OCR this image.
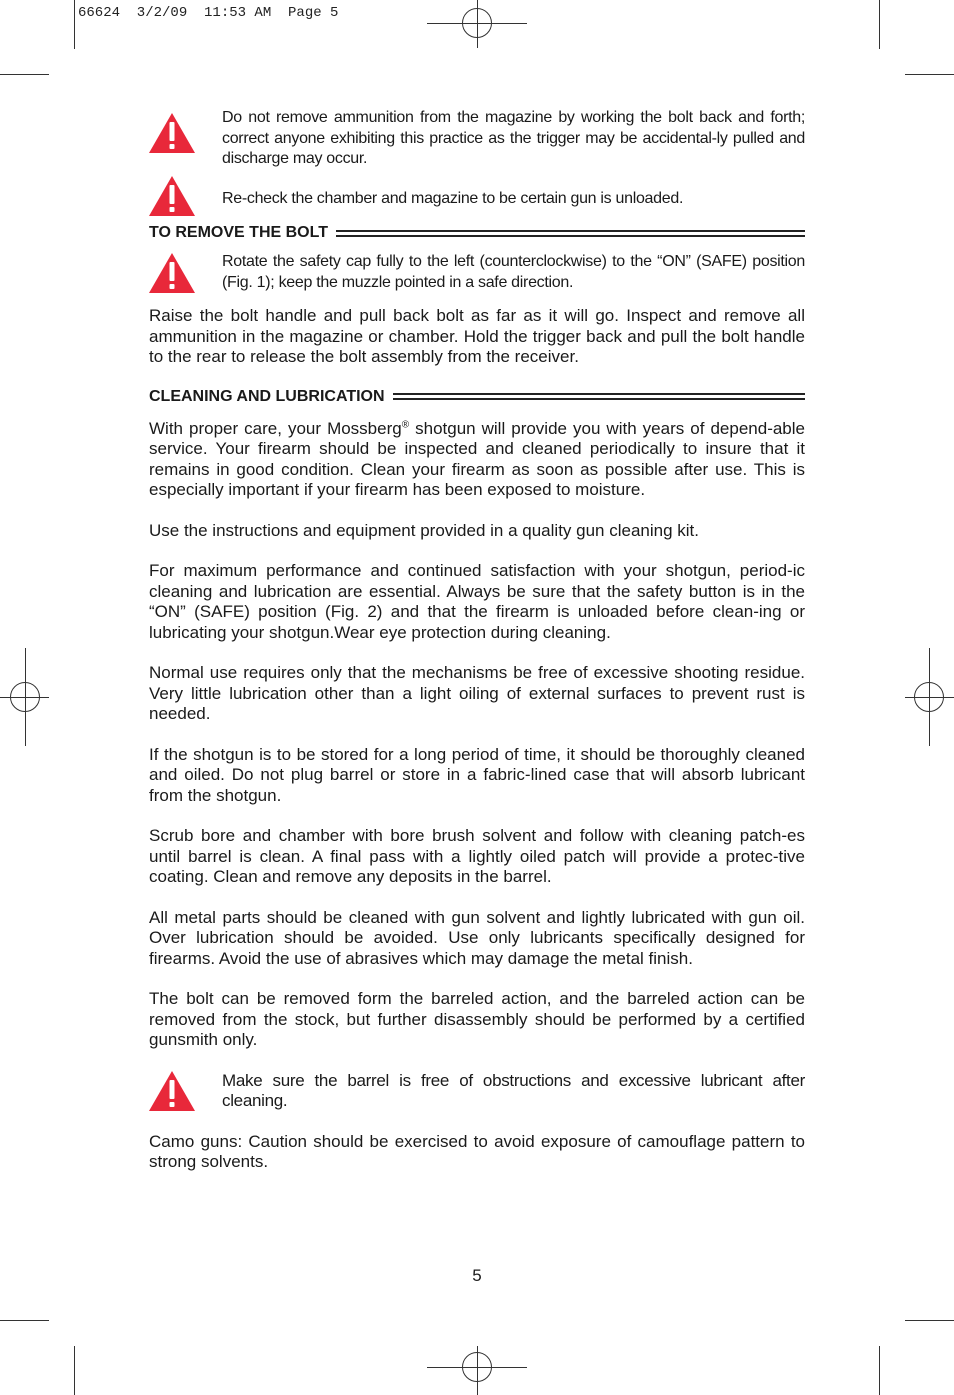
66624  3/2/09  11:53 AM  Page 5
Do not remove ammunition from the magazine by working the bolt back and forth; correct anyone exhibiting this practice as the trigger may be accidental-ly pulled and discharge may occur.
Re-check the chamber and magazine to be certain gun is unloaded.
TO REMOVE THE BOLT
Rotate the safety cap fully to the left (counterclockwise) to the “ON” (SAFE) position (Fig. 1); keep the muzzle pointed in a safe direction.

Raise the bolt handle and pull back bolt as far as it will go. Inspect and remove all ammunition in the magazine or chamber. Hold the trigger back and pull the bolt handle to the rear to release the bolt assembly from the receiver.

CLEANING AND LUBRICATION

With proper care, your Mossberg® shotgun will provide you with years of depend-able service. Your firearm should be inspected and cleaned periodically to insure that it remains in good condition. Clean your firearm as soon as possible after use. This is especially important if your firearm has been exposed to moisture.

Use the instructions and equipment provided in a quality gun cleaning kit.

For maximum performance and continued satisfaction with your shotgun, period-ic cleaning and lubrication are essential. Always be sure that the safety button is in the “ON” (SAFE) position (Fig. 2) and that the firearm is unloaded before clean-ing or lubricating your shotgun.Wear eye protection during cleaning.

Normal use requires only that the mechanisms be free of excessive shooting residue. Very little lubrication other than a light oiling of external surfaces to prevent rust is needed.

If the shotgun is to be stored for a long period of time, it should be thoroughly cleaned and oiled. Do not plug barrel or store in a fabric-lined case that will absorb lubricant from the shotgun.

Scrub bore and chamber with bore brush solvent and follow with cleaning patch-es until barrel is clean. A final pass with a lightly oiled patch will provide a protec-tive coating. Clean and remove any deposits in the barrel.

All metal parts should be cleaned with gun solvent and lightly lubricated with gun oil. Over lubrication should be avoided. Use only lubricants specifically designed for firearms. Avoid the use of abrasives which may damage the metal finish.

The bolt can be removed form the barreled action, and the barreled action can be removed from the stock, but further disassembly should be performed by a certified gunsmith only.

Make sure the barrel is free of obstructions and excessive lubricant after cleaning.

Camo guns: Caution should be exercised to avoid exposure of camouflage pattern to strong solvents.

5
